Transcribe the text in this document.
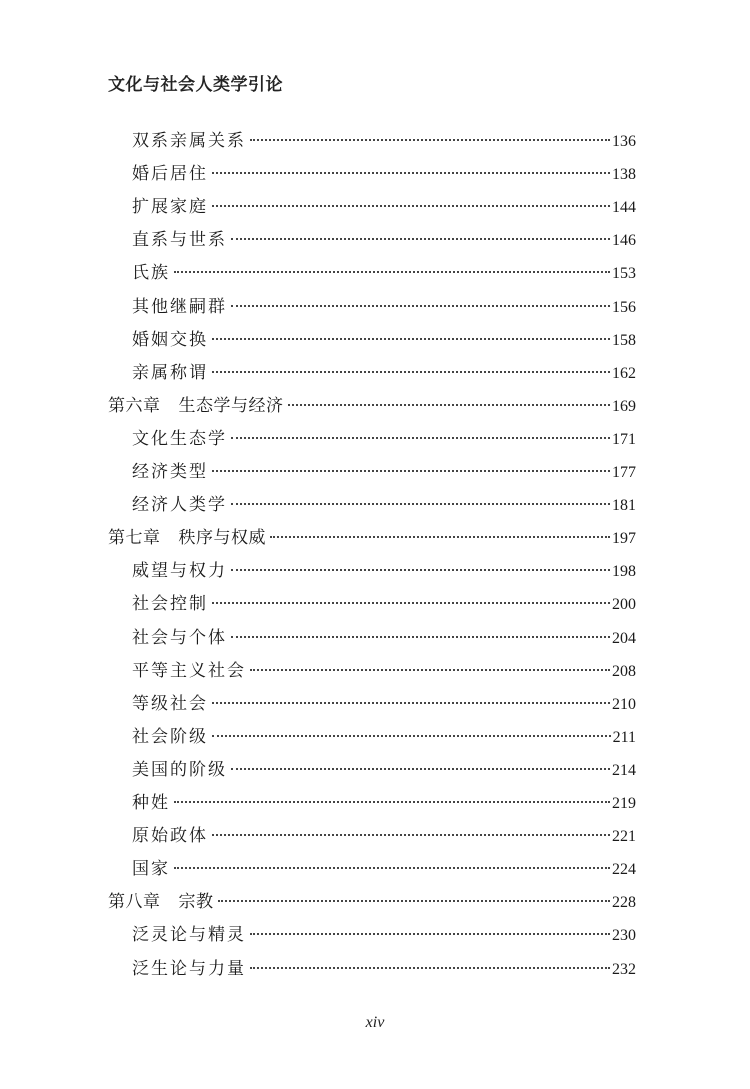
文化与社会人类学引论
双系亲属关系	136
婚后居住	138
扩展家庭	144
直系与世系	146
氏族	153
其他继嗣群	156
婚姻交换	158
亲属称谓	162
第六章 生态学与经济	169
文化生态学	171
经济类型	177
经济人类学	181
第七章 秩序与权威	197
威望与权力	198
社会控制	200
社会与个体	204
平等主义社会	208
等级社会	210
社会阶级	211
美国的阶级	214
种姓	219
原始政体	221
国家	224
第八章 宗教	228
泛灵论与精灵	230
泛生论与力量	232
xiv
